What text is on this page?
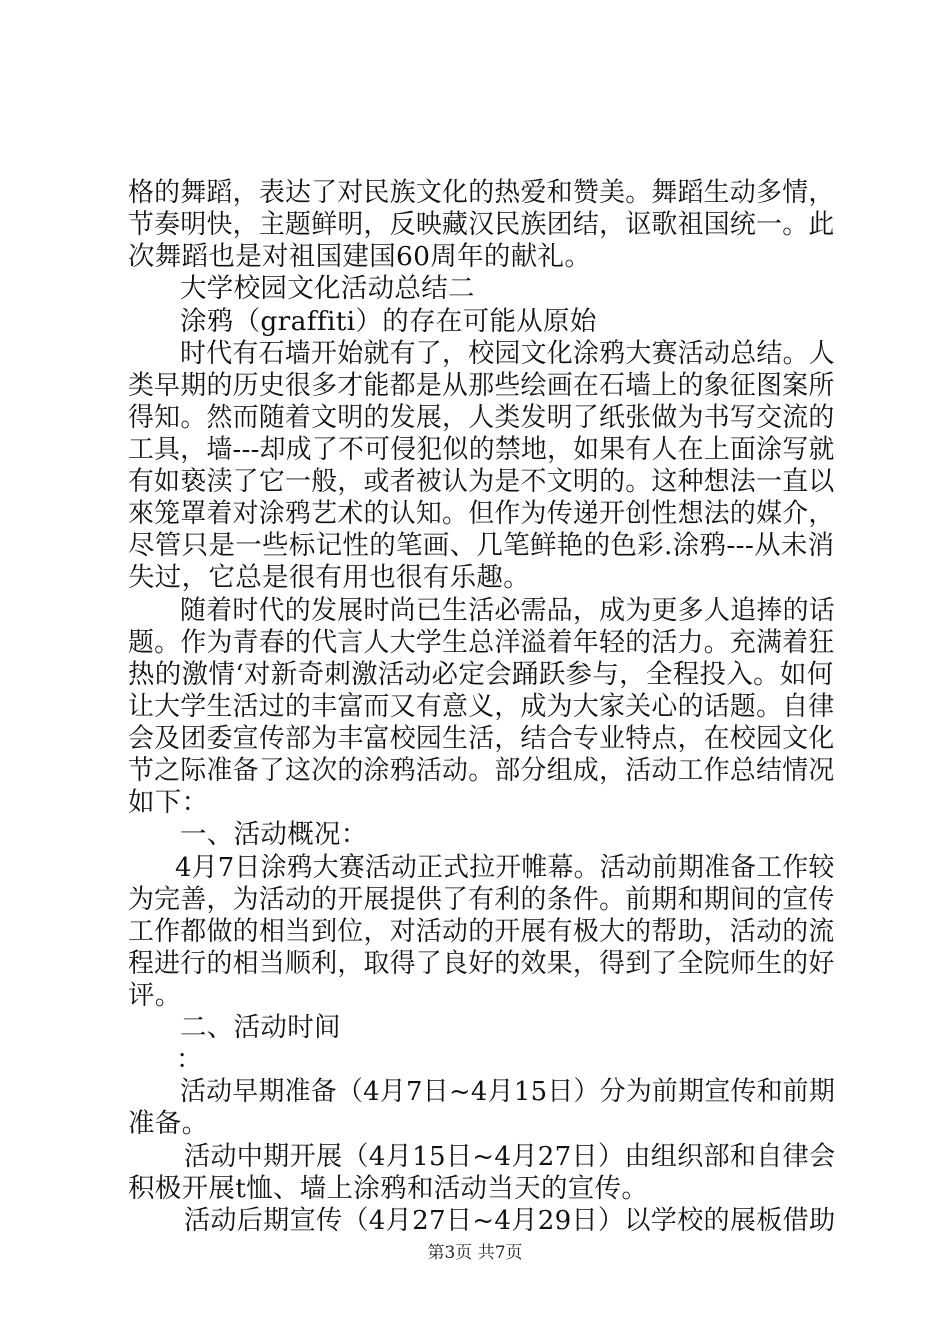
格的舞蹈，表达了对民族文化的热爱和赞美。舞蹈生动多情，
节奏明快，主题鲜明，反映藏汉民族团结，讴歌祖国统一。此
次舞蹈也是对祖国建国60周年的献礼。
大学校园文化活动总结二
涂鸦（graffiti）的存在可能从原始
时代有石墙开始就有了，校园文化涂鸦大赛活动总结。人
类早期的历史很多才能都是从那些绘画在石墙上的象征图案所
得知。然而随着文明的发展，人类发明了纸张做为书写交流的
工具，墙---却成了不可侵犯似的禁地，如果有人在上面涂写就
有如亵渎了它一般，或者被认为是不文明的。这种想法一直以
來笼罩着对涂鸦艺术的认知。但作为传递开创性想法的媒介，
尽管只是一些标记性的笔画、几笔鲜艳的色彩.涂鸦---从未消
失过，它总是很有用也很有乐趣。
随着时代的发展时尚已生活必需品，成为更多人追捧的话
题。作为青春的代言人大学生总洋溢着年轻的活力。充满着狂
热的激情‘对新奇刺激活动必定会踊跃参与，全程投入。如何
让大学生活过的丰富而又有意义，成为大家关心的话题。自律
会及团委宣传部为丰富校园生活，结合专业特点，在校园文化
节之际准备了这次的涂鸦活动。部分组成，活动工作总结情况
如下：
一、活动概况：
4月7日涂鸦大赛活动正式拉开帷幕。活动前期准备工作较
为完善，为活动的开展提供了有利的条件。前期和期间的宣传
工作都做的相当到位，对活动的开展有极大的帮助，活动的流
程进行的相当顺利，取得了良好的效果，得到了全院师生的好
评。
二、活动时间
：
活动早期准备（4月7日~4月15日）分为前期宣传和前期
准备。
活动中期开展（4月15日~4月27日）由组织部和自律会
积极开展t恤、墙上涂鸦和活动当天的宣传。
活动后期宣传（4月27日~4月29日）以学校的展板借助
第3页 共7页
